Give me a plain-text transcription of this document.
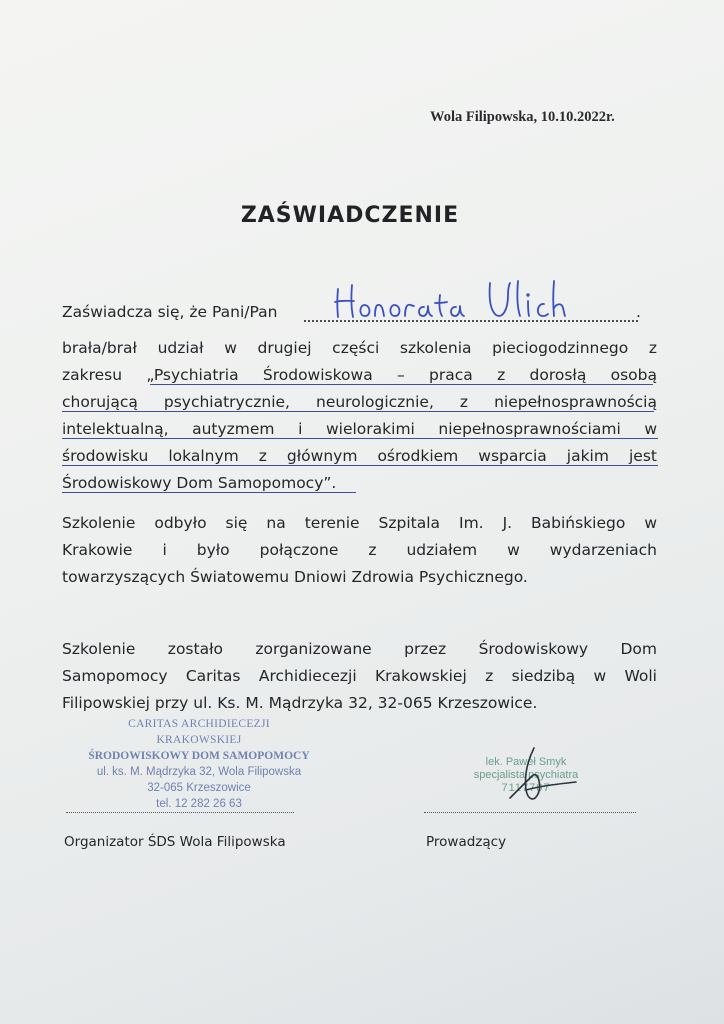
Wola Filipowska, 10.10.2022r.
ZAŚWIADCZENIE
Zaświadcza się, że Pani/Pan	.
brała/brał udział w drugiej części szkolenia pieciogodzinnego z
zakresu „Psychiatria Środowiskowa – praca z dorosłą osobą
chorującą psychiatrycznie, neurologicznie, z niepełnosprawnością
intelektualną, autyzmem i wielorakimi niepełnosprawnościami w
środowisku lokalnym z głównym ośrodkiem wsparcia jakim jest
Środowiskowy Dom Samopomocy”.
Szkolenie odbyło się na terenie Szpitala Im. J. Babińskiego w
Krakowie i było połączone z udziałem w wydarzeniach
towarzyszących Światowemu Dniowi Zdrowia Psychicznego.
Szkolenie zostało zorganizowane przez Środowiskowy Dom
Samopomocy Caritas Archidiecezji Krakowskiej z siedzibą w Woli
Filipowskiej przy ul. Ks. M. Mądrzyka 32, 32-065 Krzeszowice.
CARITAS ARCHIDIECEZJI KRAKOWSKIEJ
ŚRODOWISKOWY DOM SAMOPOMOCY
ul. ks. M. Mądrzyka 32, Wola Filipowska
32-065 Krzeszowice
tel. 12 282 26 63
lek. Paweł Smyk
specjalista psychiatra
7117787
Organizator ŚDS Wola Filipowska	Prowadzący
